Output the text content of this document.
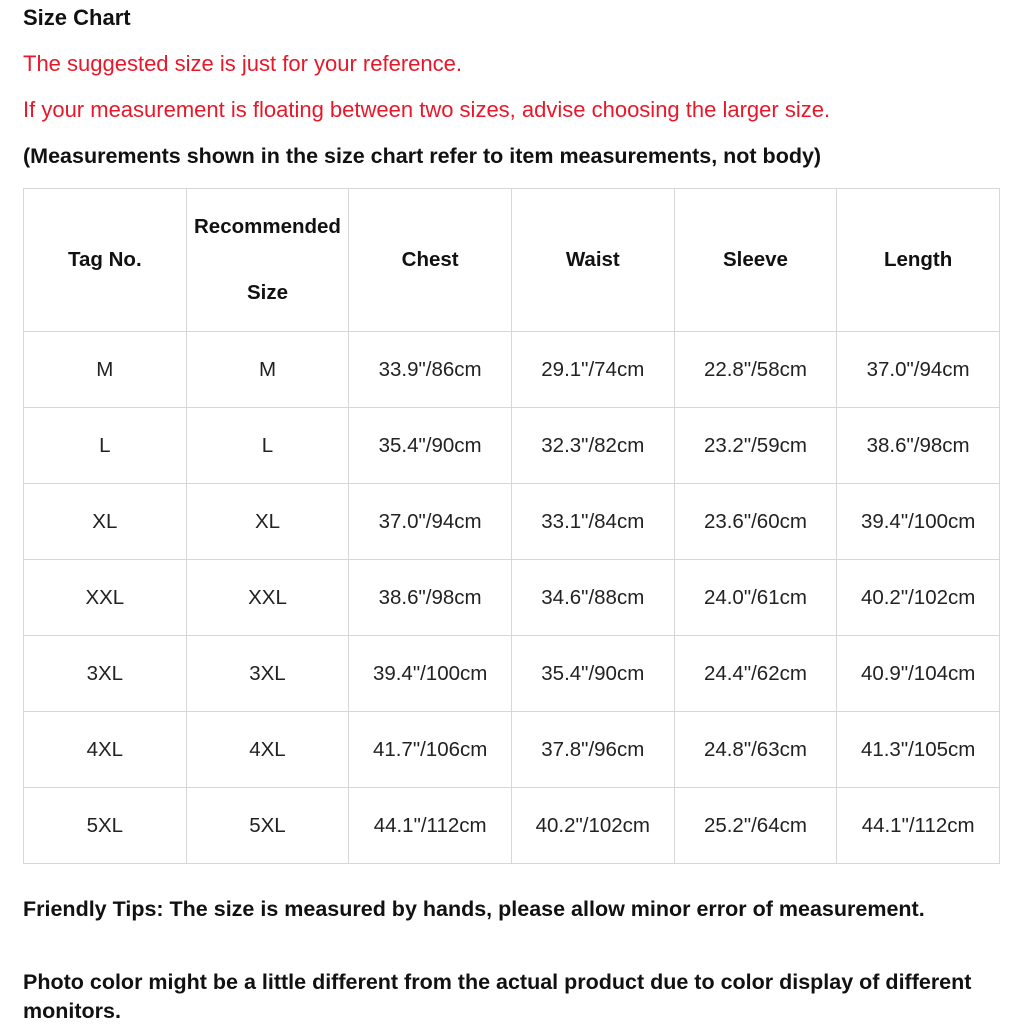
Size Chart
The suggested size is just for your reference.
If your measurement is floating between two sizes, advise choosing the larger size.
(Measurements shown in the size chart refer to item measurements, not body)
Tag No.	Recommended Size	Chest	Waist	Sleeve	Length
M	M	33.9"/86cm	29.1"/74cm	22.8"/58cm	37.0"/94cm
L	L	35.4"/90cm	32.3"/82cm	23.2"/59cm	38.6"/98cm
XL	XL	37.0"/94cm	33.1"/84cm	23.6"/60cm	39.4"/100cm
XXL	XXL	38.6"/98cm	34.6"/88cm	24.0"/61cm	40.2"/102cm
3XL	3XL	39.4"/100cm	35.4"/90cm	24.4"/62cm	40.9"/104cm
4XL	4XL	41.7"/106cm	37.8"/96cm	24.8"/63cm	41.3"/105cm
5XL	5XL	44.1"/112cm	40.2"/102cm	25.2"/64cm	44.1"/112cm
Friendly Tips: The size is measured by hands, please allow minor error of measurement.
Photo color might be a little different from the actual product due to color display of different monitors.
